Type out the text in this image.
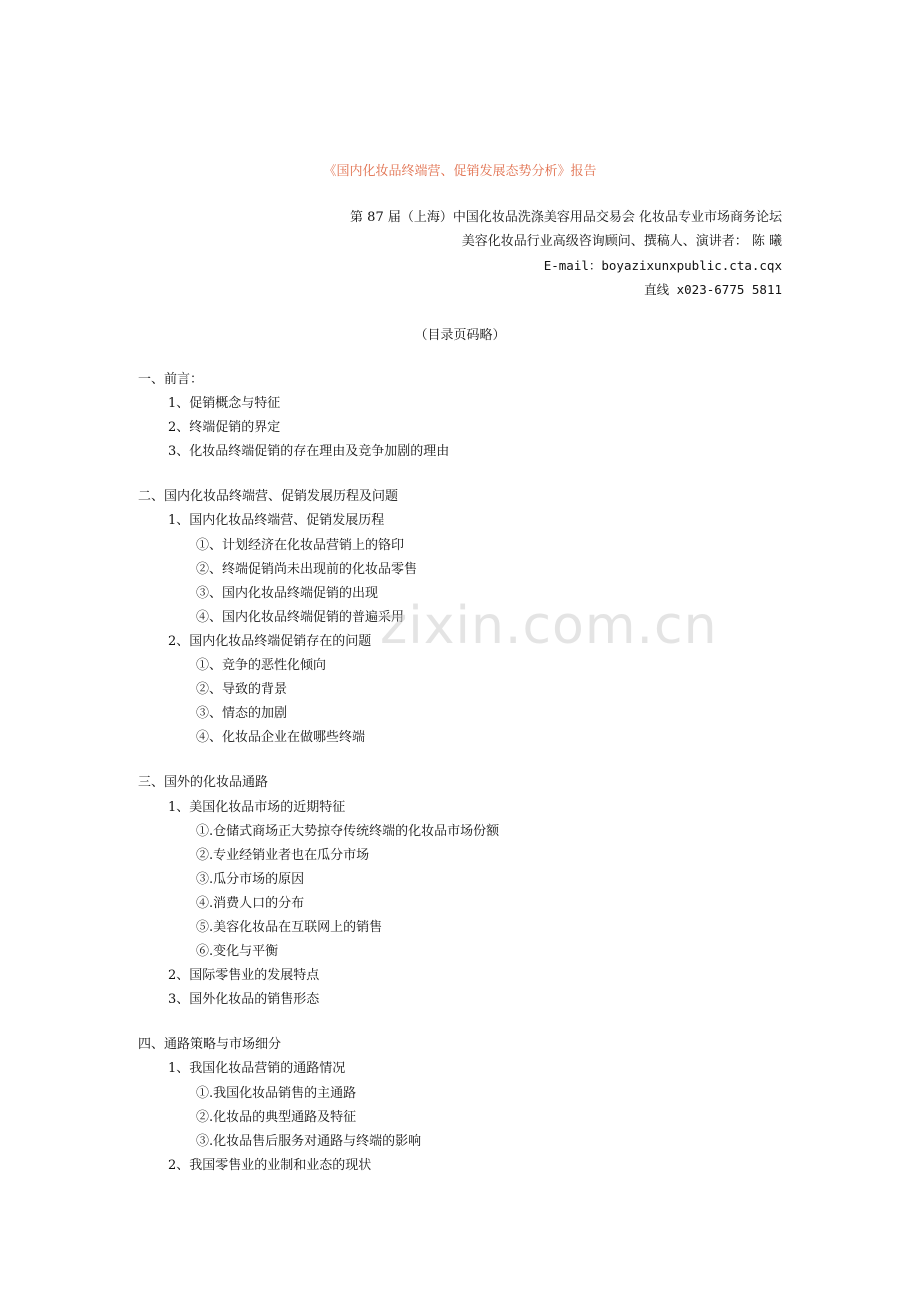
《国内化妆品终端营、促销发展态势分析》报告
第 87 届（上海）中国化妆品洗涤美容用品交易会 化妆品专业市场商务论坛
美容化妆品行业高级咨询顾问、撰稿人、演讲者： 陈 曦
E-mail：boyazixunxpublic.cta.cqx
直线 x023-6775 5811
（目录页码略）
一、前言：
1、促销概念与特征
2、终端促销的界定
3、化妆品终端促销的存在理由及竞争加剧的理由
二、国内化妆品终端营、促销发展历程及问题
1、国内化妆品终端营、促销发展历程
①、计划经济在化妆品营销上的铬印
②、终端促销尚未出现前的化妆品零售
③、国内化妆品终端促销的出现
④、国内化妆品终端促销的普遍采用
2、国内化妆品终端促销存在的问题
①、竞争的恶性化倾向
②、导致的背景
③、情态的加剧
④、化妆品企业在做哪些终端
三、国外的化妆品通路
1、美国化妆品市场的近期特征
①.仓储式商场正大势掠夺传统终端的化妆品市场份额
②.专业经销业者也在瓜分市场
③.瓜分市场的原因
④.消费人口的分布
⑤.美容化妆品在互联网上的销售
⑥.变化与平衡
2、国际零售业的发展特点
3、国外化妆品的销售形态
四、通路策略与市场细分
1、我国化妆品营销的通路情况
①.我国化妆品销售的主通路
②.化妆品的典型通路及特征
③.化妆品售后服务对通路与终端的影响
2、我国零售业的业制和业态的现状
zixin.com.cn
